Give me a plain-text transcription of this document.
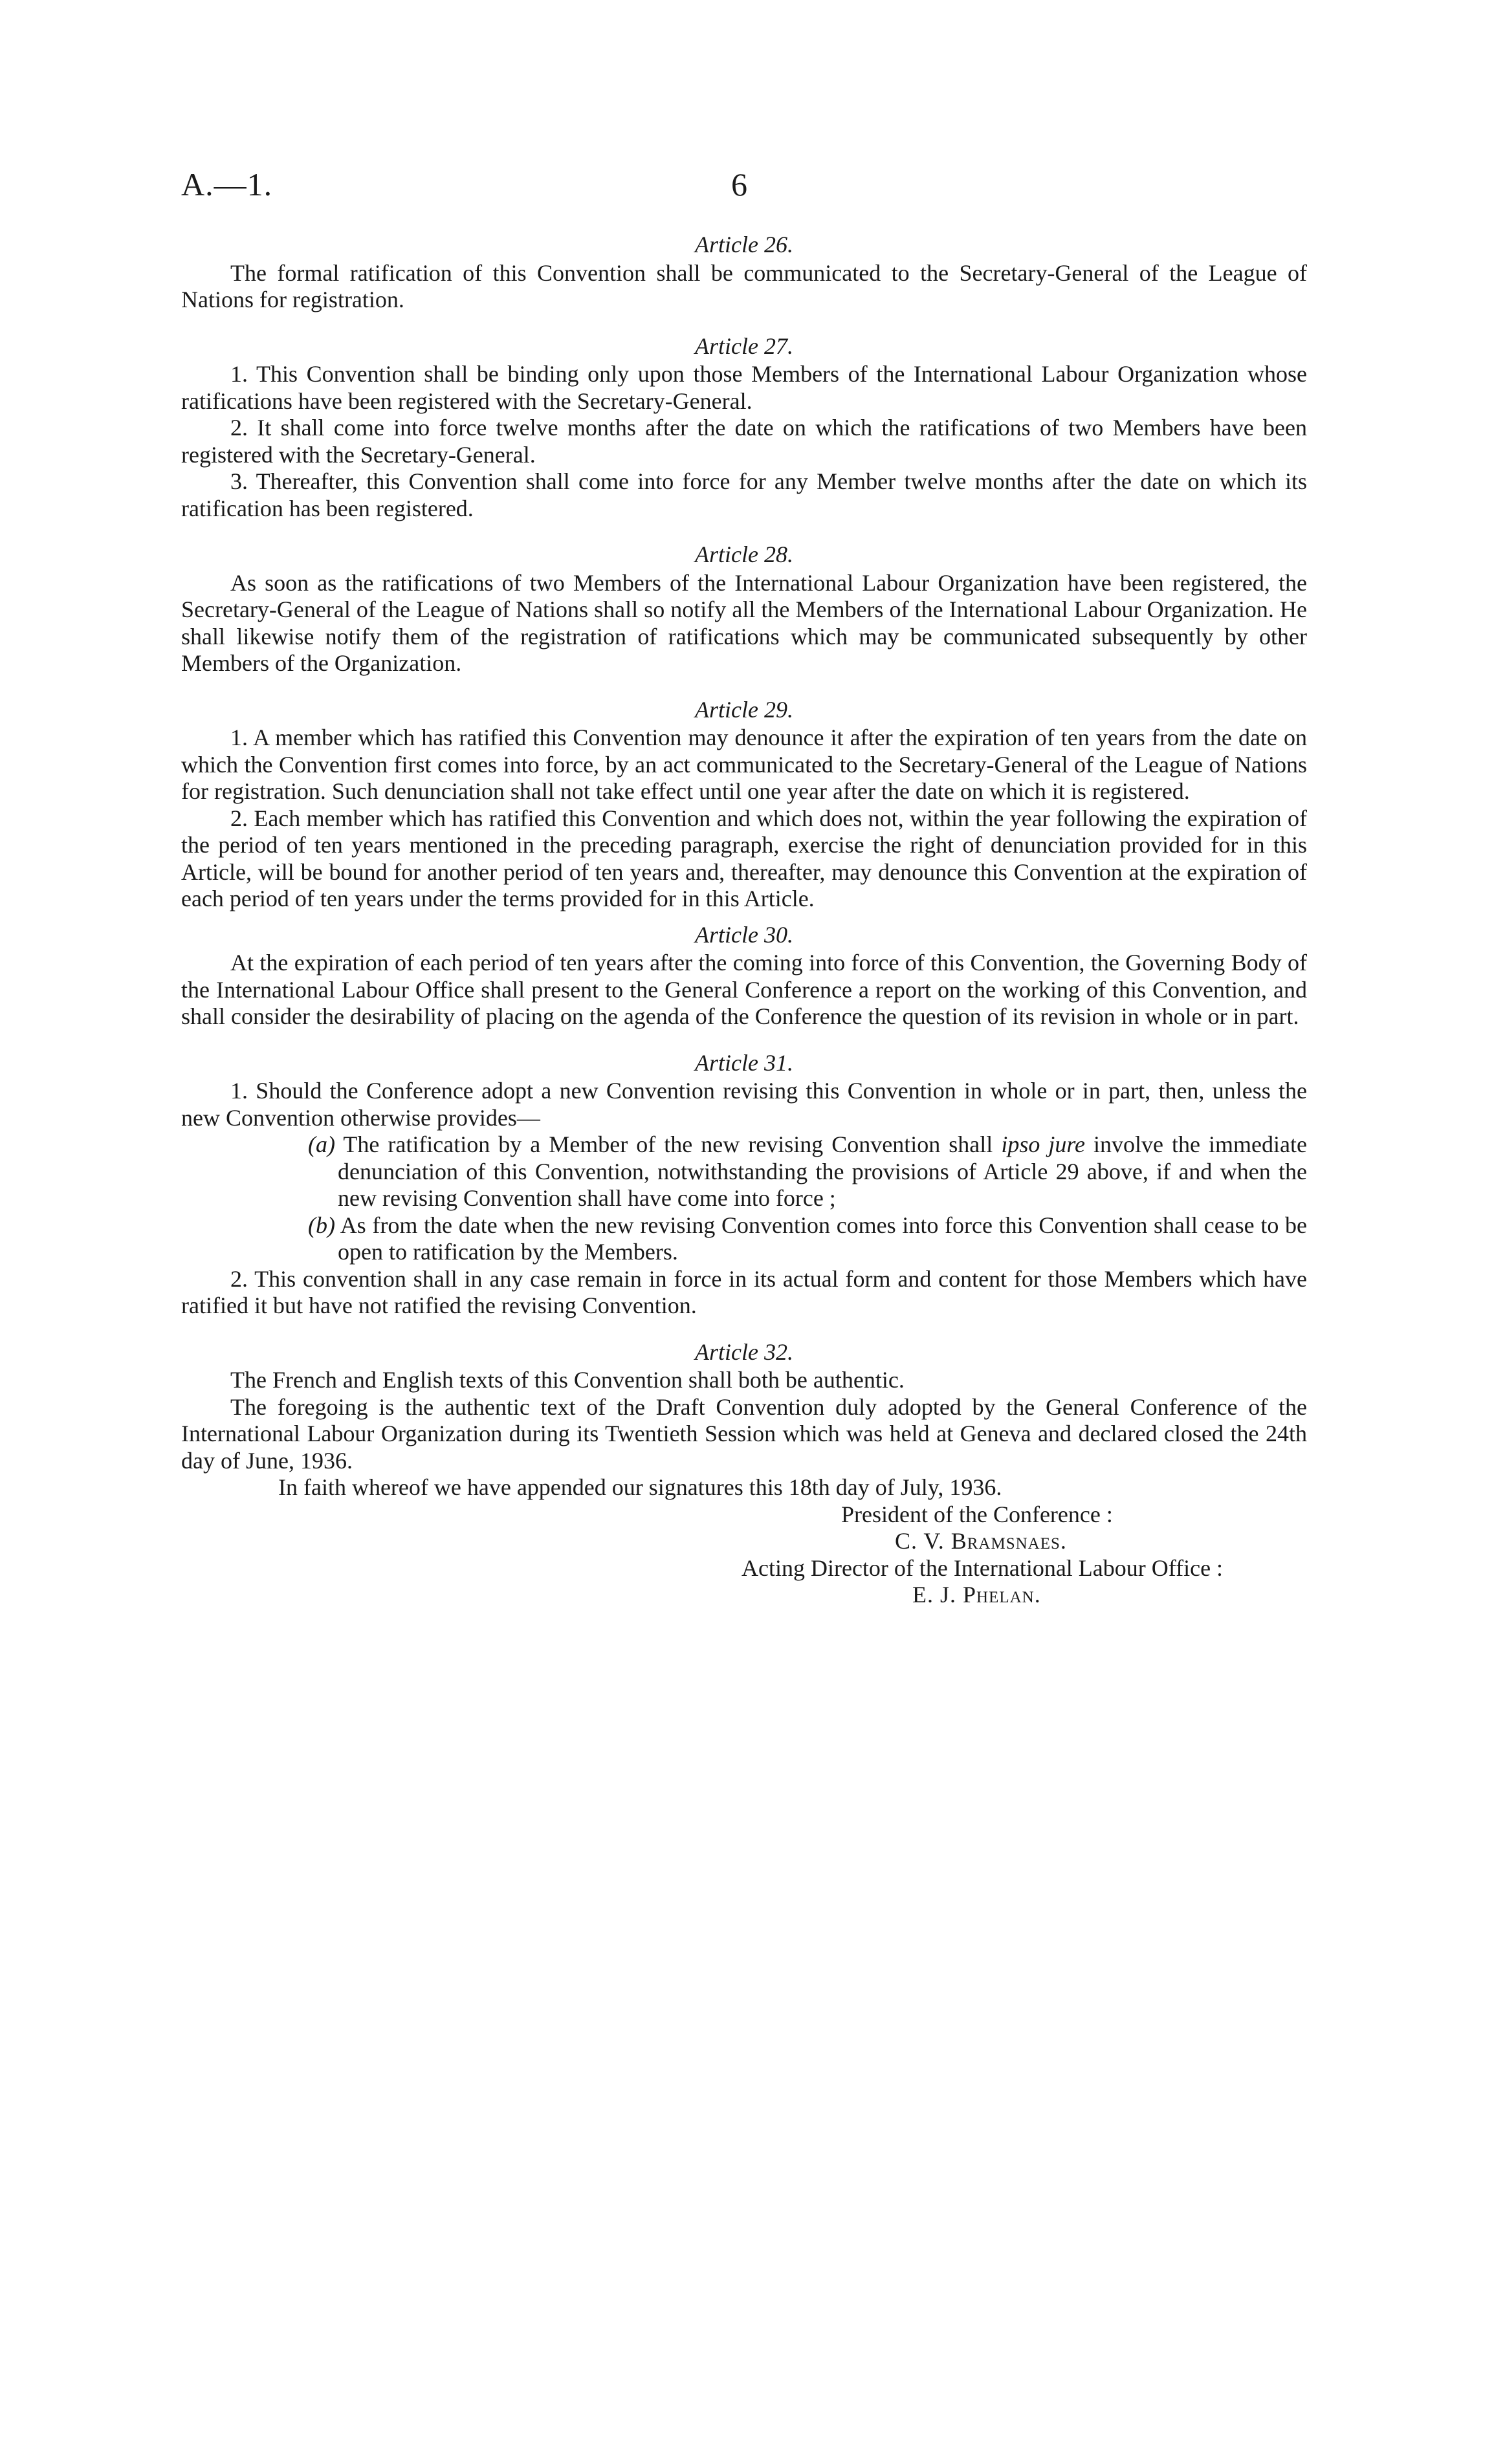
A.—1.	6
Article 26.

The formal ratification of this Convention shall be communicated to the Secretary-General of the League of Nations for registration.

Article 27.

1. This Convention shall be binding only upon those Members of the International Labour Organization whose ratifications have been registered with the Secretary-General.

2. It shall come into force twelve months after the date on which the ratifications of two Members have been registered with the Secretary-General.

3. Thereafter, this Convention shall come into force for any Member twelve months after the date on which its ratification has been registered.

Article 28.

As soon as the ratifications of two Members of the International Labour Organization have been registered, the Secretary-General of the League of Nations shall so notify all the Members of the International Labour Organization. He shall likewise notify them of the registration of ratifications which may be communicated subsequently by other Members of the Organization.

Article 29.

1. A member which has ratified this Convention may denounce it after the expiration of ten years from the date on which the Convention first comes into force, by an act communicated to the Secretary-General of the League of Nations for registration. Such denunciation shall not take effect until one year after the date on which it is registered.

2. Each member which has ratified this Convention and which does not, within the year following the expiration of the period of ten years mentioned in the preceding paragraph, exercise the right of denunciation provided for in this Article, will be bound for another period of ten years and, thereafter, may denounce this Convention at the expiration of each period of ten years under the terms provided for in this Article.

Article 30.

At the expiration of each period of ten years after the coming into force of this Convention, the Governing Body of the International Labour Office shall present to the General Conference a report on the working of this Convention, and shall consider the desirability of placing on the agenda of the Conference the question of its revision in whole or in part.

Article 31.

1. Should the Conference adopt a new Convention revising this Convention in whole or in part, then, unless the new Convention otherwise provides—

(a) The ratification by a Member of the new revising Convention shall ipso jure involve the immediate denunciation of this Convention, notwithstanding the provisions of Article 29 above, if and when the new revising Convention shall have come into force ;
(b) As from the date when the new revising Convention comes into force this Convention shall cease to be open to ratification by the Members.

2. This convention shall in any case remain in force in its actual form and content for those Members which have ratified it but have not ratified the revising Convention.

Article 32.

The French and English texts of this Convention shall both be authentic.

The foregoing is the authentic text of the Draft Convention duly adopted by the General Conference of the International Labour Organization during its Twentieth Session which was held at Geneva and declared closed the 24th day of June, 1936.

In faith whereof we have appended our signatures this 18th day of July, 1936.

President of the Conference :
C. V. Bramsnaes.
Acting Director of the International Labour Office :
E. J. Phelan.
